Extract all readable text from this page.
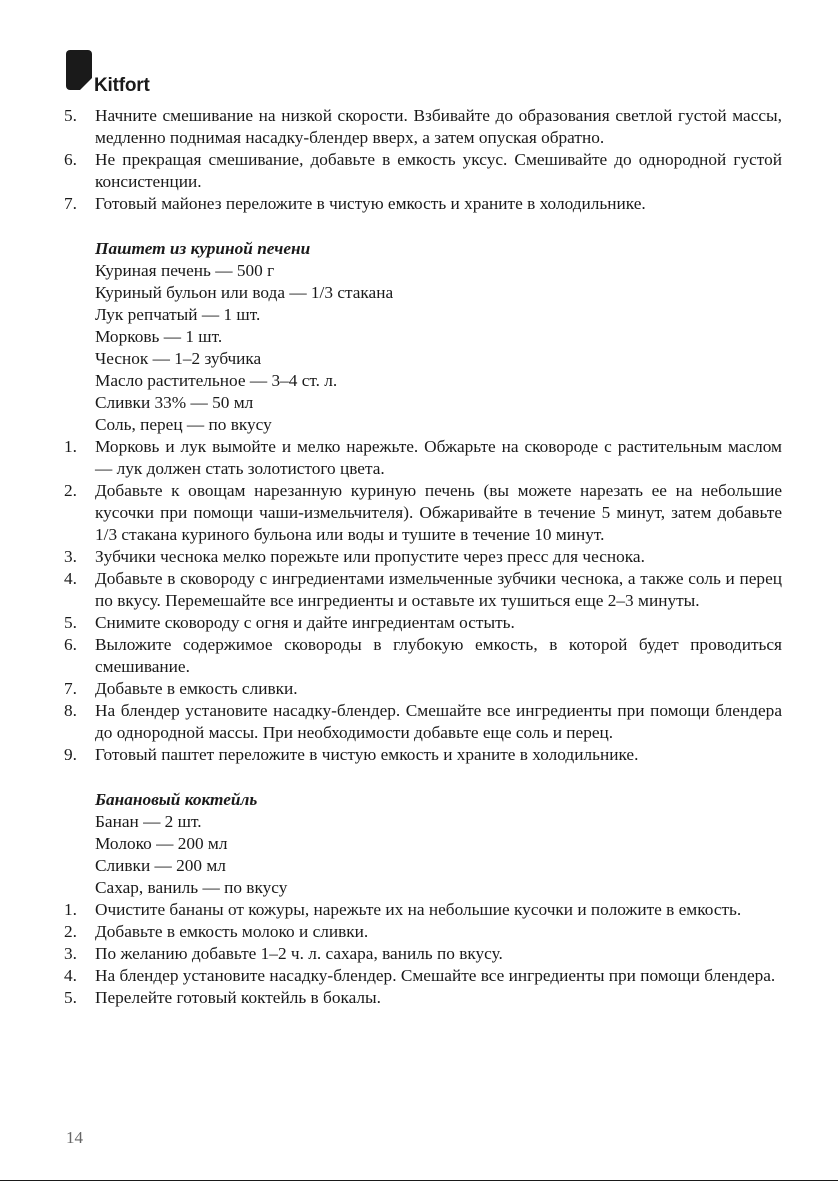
Kitfort
5. Начните смешивание на низкой скорости. Взбивайте до образования светлой густой массы, медленно поднимая насадку-блендер вверх, а затем опуская обратно.
6. Не прекращая смешивание, добавьте в емкость уксус. Смешивайте до однородной густой консистенции.
7. Готовый майонез переложите в чистую емкость и храните в холодильнике.
Паштет из куриной печени
Куриная печень — 500 г
Куриный бульон или вода — 1/3 стакана
Лук репчатый — 1 шт.
Морковь — 1 шт.
Чеснок — 1–2 зубчика
Масло растительное — 3–4 ст. л.
Сливки 33% — 50 мл
Соль, перец — по вкусу
1. Морковь и лук вымойте и мелко нарежьте. Обжарьте на сковороде с растительным маслом — лук должен стать золотистого цвета.
2. Добавьте к овощам нарезанную куриную печень (вы можете нарезать ее на небольшие кусочки при помощи чаши-измельчителя). Обжаривайте в течение 5 минут, затем добавьте 1/3 стакана куриного бульона или воды и тушите в течение 10 минут.
3. Зубчики чеснока мелко порежьте или пропустите через пресс для чеснока.
4. Добавьте в сковороду с ингредиентами измельченные зубчики чеснока, а также соль и перец по вкусу. Перемешайте все ингредиенты и оставьте их тушиться еще 2–3 минуты.
5. Снимите сковороду с огня и дайте ингредиентам остыть.
6. Выложите содержимое сковороды в глубокую емкость, в которой будет проводиться смешивание.
7. Добавьте в емкость сливки.
8. На блендер установите насадку-блендер. Смешайте все ингредиенты при помощи блендера до однородной массы. При необходимости добавьте еще соль и перец.
9. Готовый паштет переложите в чистую емкость и храните в холодильнике.
Банановый коктейль
Банан — 2 шт.
Молоко — 200 мл
Сливки — 200 мл
Сахар, ваниль — по вкусу
1. Очистите бананы от кожуры, нарежьте их на небольшие кусочки и положите в емкость.
2. Добавьте в емкость молоко и сливки.
3. По желанию добавьте 1–2 ч. л. сахара, ваниль по вкусу.
4. На блендер установите насадку-блендер. Смешайте все ингредиенты при помощи блендера.
5. Перелейте готовый коктейль в бокалы.
14
